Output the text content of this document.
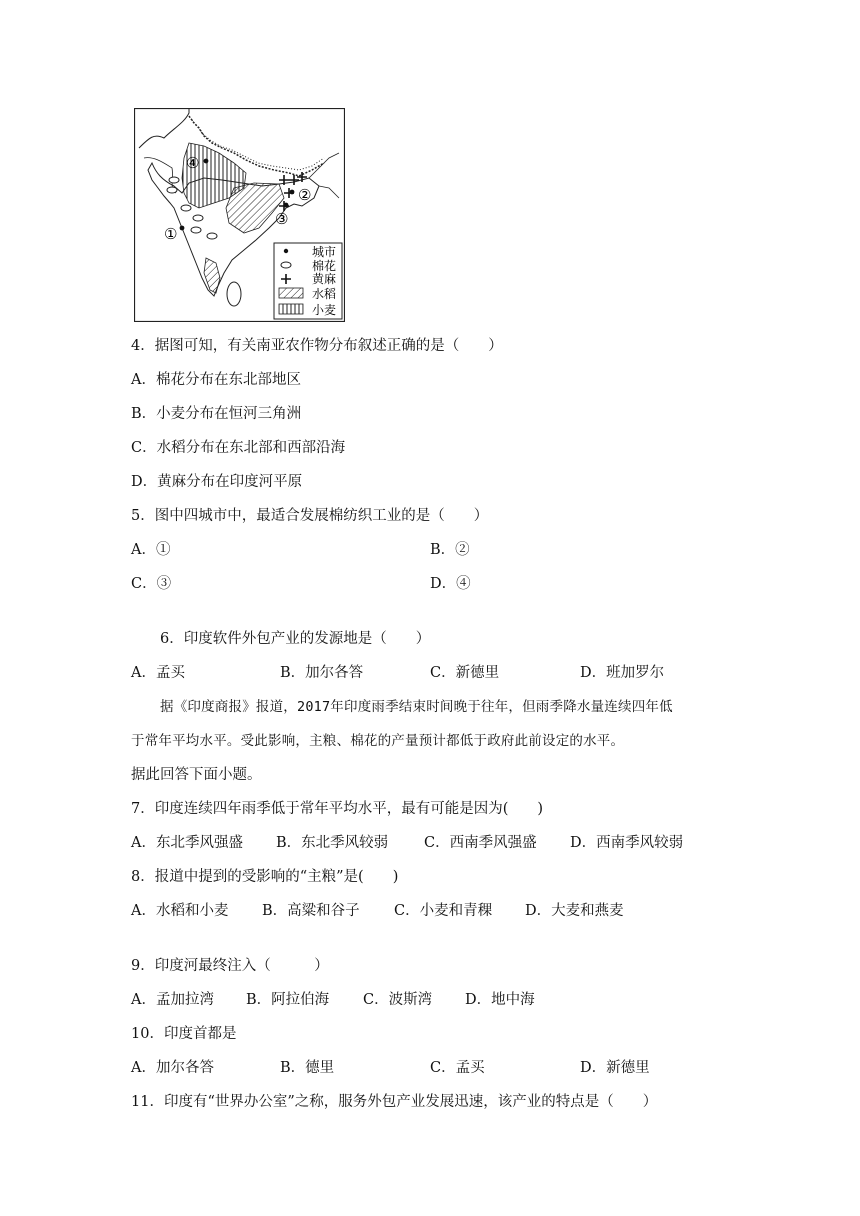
④
①
②
③
城市
棉花
黄麻
水稻
小麦
4．据图可知，有关南亚农作物分布叙述正确的是（　　）
A．棉花分布在东北部地区
B．小麦分布在恒河三角洲
C．水稻分布在东北部和西部沿海
D．黄麻分布在印度河平原
5．图中四城市中，最适合发展棉纺织工业的是（　　）
A．①	B．②
C．③	D．④
6．印度软件外包产业的发源地是（　　）
A．孟买	B．加尔各答	C．新德里	D．班加罗尔
据《印度商报》报道，2017年印度雨季结束时间晚于往年，但雨季降水量连续四年低
于常年平均水平。受此影响，主粮、棉花的产量预计都低于政府此前设定的水平。
据此回答下面小题。
7．印度连续四年雨季低于常年平均水平，最有可能是因为(　　)
A．东北季风强盛 B．东北季风较弱 C．西南季风强盛 D．西南季风较弱
8．报道中提到的受影响的“主粮”是(　　)
A．水稻和小麦 B．高粱和谷子 C．小麦和青稞 D．大麦和燕麦
9．印度河最终注入（　　　）
A．孟加拉湾 B．阿拉伯海 C．波斯湾 D．地中海
10．印度首都是
A．加尔各答	B．德里	C．孟买	D．新德里
11．印度有“世界办公室”之称，服务外包产业发展迅速，该产业的特点是（　　）
